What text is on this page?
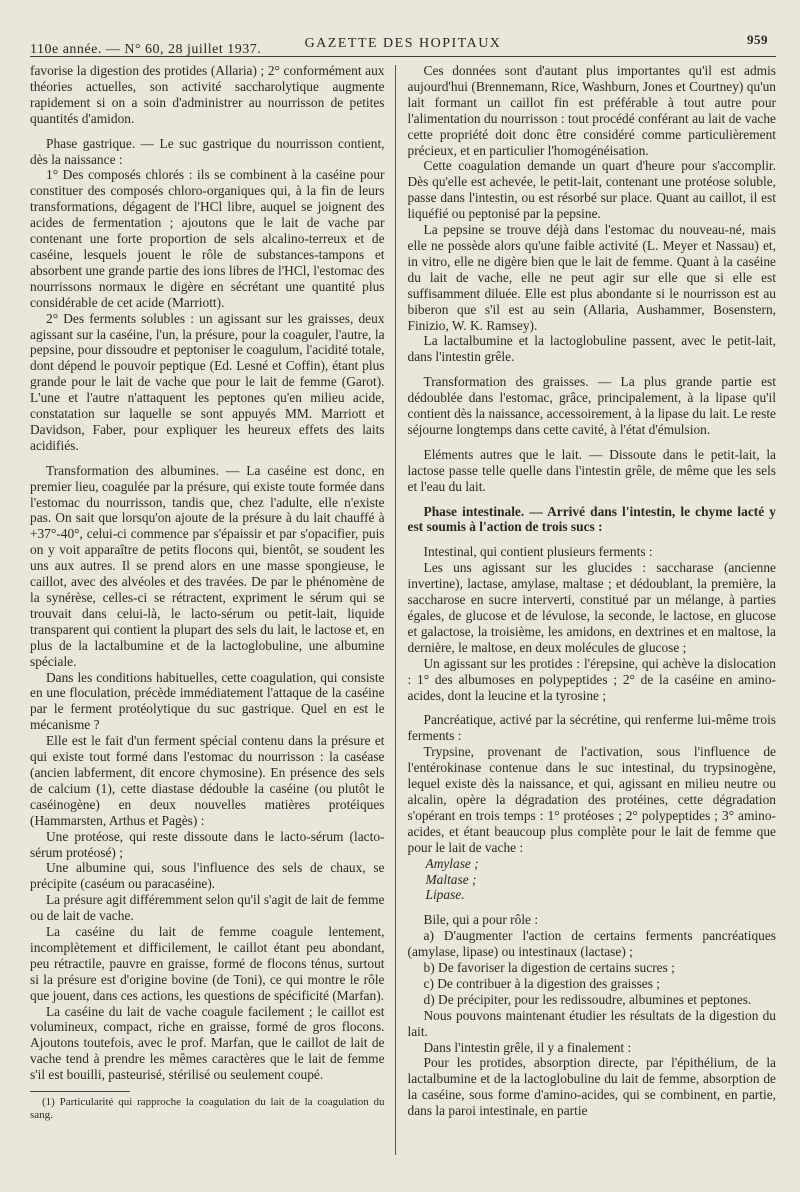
110e année. — N° 60, 28 juillet 1937.	GAZETTE DES HOPITAUX	959

favorise la digestion des protides (Allaria) ; 2° conformément aux théories actuelles, son activité saccharolytique augmente rapidement si on a soin d'administrer au nourrisson de petites quantités d'amidon.

Phase gastrique. — Le suc gastrique du nourrisson contient, dès la naissance :

1° Des composés chlorés : ils se combinent à la caséine pour constituer des composés chloro-organiques qui, à la fin de leurs transformations, dégagent de l'HCl libre, auquel se joignent des acides de fermentation ; ajoutons que le lait de vache par contenant une forte proportion de sels alcalino-terreux et de caséine, lesquels jouent le rôle de substances-tampons et absorbent une grande partie des ions libres de l'HCl, l'estomac des nourrissons normaux le digère en sécrétant une quantité plus considérable de cet acide (Marriott).

2° Des ferments solubles : un agissant sur les graisses, deux agissant sur la caséine, l'un, la présure, pour la coaguler, l'autre, la pepsine, pour dissoudre et peptoniser le coagulum, l'acidité totale, dont dépend le pouvoir peptique (Ed. Lesné et Coffin), étant plus grande pour le lait de vache que pour le lait de femme (Garot). L'une et l'autre n'attaquent les peptones qu'en milieu acide, constatation sur laquelle se sont appuyés MM. Marriott et Davidson, Faber, pour expliquer les heureux effets des laits acidifiés.

Transformation des albumines. — La caséine est donc, en premier lieu, coagulée par la présure, qui existe toute formée dans l'estomac du nourrisson, tandis que, chez l'adulte, elle n'existe pas. On sait que lorsqu'on ajoute de la présure à du lait chauffé à +37°-40°, celui-ci commence par s'épaissir et par s'opacifier, puis on y voit apparaître de petits flocons qui, bientôt, se soudent les uns aux autres. Il se prend alors en une masse spongieuse, le caillot, avec des alvéoles et des travées. De par le phénomène de la synérèse, celles-ci se rétractent, expriment le sérum qui se trouvait dans celui-là, le lacto-sérum ou petit-lait, liquide transparent qui contient la plupart des sels du lait, le lactose et, en plus de la lactalbumine et de la lactoglobuline, une albumine spéciale.

Dans les conditions habituelles, cette coagulation, qui consiste en une floculation, précède immédiatement l'attaque de la caséine par le ferment protéolytique du suc gastrique. Quel en est le mécanisme ?

Elle est le fait d'un ferment spécial contenu dans la présure et qui existe tout formé dans l'estomac du nourrisson : la caséase (ancien labferment, dit encore chymosine). En présence des sels de calcium (1), cette diastase dédouble la caséine (ou plutôt le caséinogène) en deux nouvelles matières protéiques (Hammarsten, Arthus et Pagès) :

Une protéose, qui reste dissoute dans le lacto-sérum (lacto-sérum protéosé) ;

Une albumine qui, sous l'influence des sels de chaux, se précipite (caséum ou paracaséine).

La présure agit différemment selon qu'il s'agit de lait de femme ou de lait de vache.

La caséine du lait de femme coagule lentement, incomplètement et difficilement, le caillot étant peu abondant, peu rétractile, pauvre en graisse, formé de flocons ténus, surtout si la présure est d'origine bovine (de Toni), ce qui montre le rôle que jouent, dans ces actions, les questions de spécificité (Marfan).

La caséine du lait de vache coagule facilement ; le caillot est volumineux, compact, riche en graisse, formé de gros flocons. Ajoutons toutefois, avec le prof. Marfan, que le caillot de lait de vache tend à prendre les mêmes caractères que le lait de femme s'il est bouilli, pasteurisé, stérilisé ou seulement coupé.

(1) Particularité qui rapproche la coagulation du lait de la coagulation du sang.

Ces données sont d'autant plus importantes qu'il est admis aujourd'hui (Brennemann, Rice, Washburn, Jones et Courtney) qu'un lait formant un caillot fin est préférable à tout autre pour l'alimentation du nourrisson : tout procédé conférant au lait de vache cette propriété doit donc être considéré comme particulièrement précieux, et en particulier l'homogénéisation.

Cette coagulation demande un quart d'heure pour s'accomplir. Dès qu'elle est achevée, le petit-lait, contenant une protéose soluble, passe dans l'intestin, ou est résorbé sur place. Quant au caillot, il est liquéfié ou peptonisé par la pepsine.

La pepsine se trouve déjà dans l'estomac du nouveau-né, mais elle ne possède alors qu'une faible activité (L. Meyer et Nassau) et, in vitro, elle ne digère bien que le lait de femme. Quant à la caséine du lait de vache, elle ne peut agir sur elle que si elle est suffisamment diluée. Elle est plus abondante si le nourrisson est au biberon que s'il est au sein (Allaria, Aushammer, Bosenstern, Finizio, W. K. Ramsey).

La lactalbumine et la lactoglobuline passent, avec le petit-lait, dans l'intestin grêle.

Transformation des graisses. — La plus grande partie est dédoublée dans l'estomac, grâce, principalement, à la lipase qu'il contient dès la naissance, accessoirement, à la lipase du lait. Le reste séjourne longtemps dans cette cavité, à l'état d'émulsion.

Eléments autres que le lait. — Dissoute dans le petit-lait, la lactose passe telle quelle dans l'intestin grêle, de même que les sels et l'eau du lait.

Phase intestinale. — Arrivé dans l'intestin, le chyme lacté y est soumis à l'action de trois sucs :

Intestinal, qui contient plusieurs ferments :

Les uns agissant sur les glucides : saccharase (ancienne invertine), lactase, amylase, maltase ; et dédoublant, la première, la saccharose en sucre interverti, constitué par un mélange, à parties égales, de glucose et de lévulose, la seconde, le lactose, en glucose et galactose, la troisième, les amidons, en dextrines et en maltose, la dernière, le maltose, en deux molécules de glucose ;

Un agissant sur les protides : l'érepsine, qui achève la dislocation : 1° des albumoses en polypeptides ; 2° de la caséine en amino-acides, dont la leucine et la tyrosine ;

Pancréatique, activé par la sécrétine, qui renferme lui-même trois ferments :

Trypsine, provenant de l'activation, sous l'influence de l'entérokinase contenue dans le suc intestinal, du trypsinogène, lequel existe dès la naissance, et qui, agissant en milieu neutre ou alcalin, opère la dégradation des protéines, cette dégradation s'opérant en trois temps : 1° protéoses ; 2° polypeptides ; 3° amino-acides, et étant beaucoup plus complète pour le lait de femme que pour le lait de vache :

Amylase ;

Maltase ;

Lipase.

Bile, qui a pour rôle :

a) D'augmenter l'action de certains ferments pancréatiques (amylase, lipase) ou intestinaux (lactase) ;

b) De favoriser la digestion de certains sucres ;

c) De contribuer à la digestion des graisses ;

d) De précipiter, pour les redissoudre, albumines et peptones.

Nous pouvons maintenant étudier les résultats de la digestion du lait.

Dans l'intestin grêle, il y a finalement :

Pour les protides, absorption directe, par l'épithélium, de la lactalbumine et de la lactoglobuline du lait de femme, absorption de la caséine, sous forme d'amino-acides, qui se combinent, en partie, dans la paroi intestinale, en partie
